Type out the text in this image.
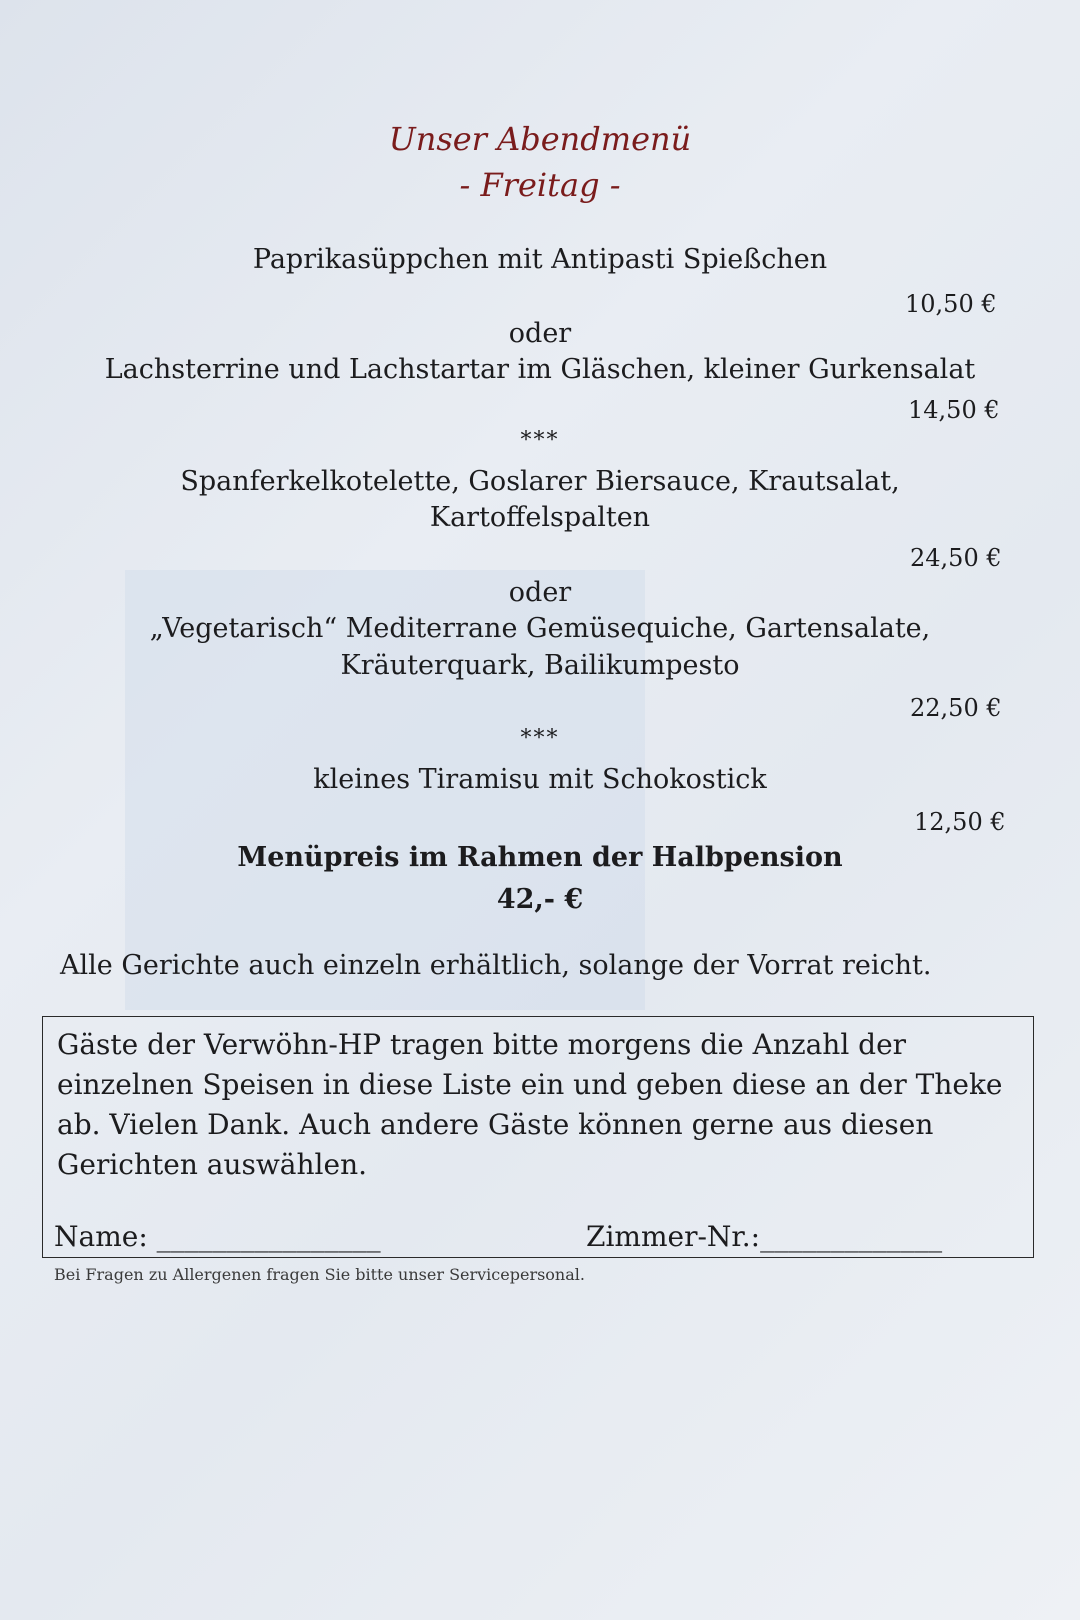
Unser Abendmenü
- Freitag -
Paprikasüppchen mit Antipasti Spießchen
10,50 €
oder
Lachsterrine und Lachstartar im Gläschen, kleiner Gurkensalat
14,50 €
***
Spanferkelkotelette, Goslarer Biersauce, Krautsalat,
Kartoffelspalten
24,50 €
oder
„Vegetarisch“ Mediterrane Gemüsequiche, Gartensalate,
Kräuterquark, Bailikumpesto
22,50 €
***
kleines Tiramisu mit Schokostick
12,50 €
Menüpreis im Rahmen der Halbpension
42,- €
Alle Gerichte auch einzeln erhältlich, solange der Vorrat reicht.
Gäste der Verwöhn-HP tragen bitte morgens die Anzahl der einzelnen Speisen in diese Liste ein und geben diese an der Theke ab. Vielen Dank. Auch andere Gäste können gerne aus diesen Gerichten auswählen.
Name: ________________	Zimmer-Nr.:_____________
Bei Fragen zu Allergenen fragen Sie bitte unser Servicepersonal.
